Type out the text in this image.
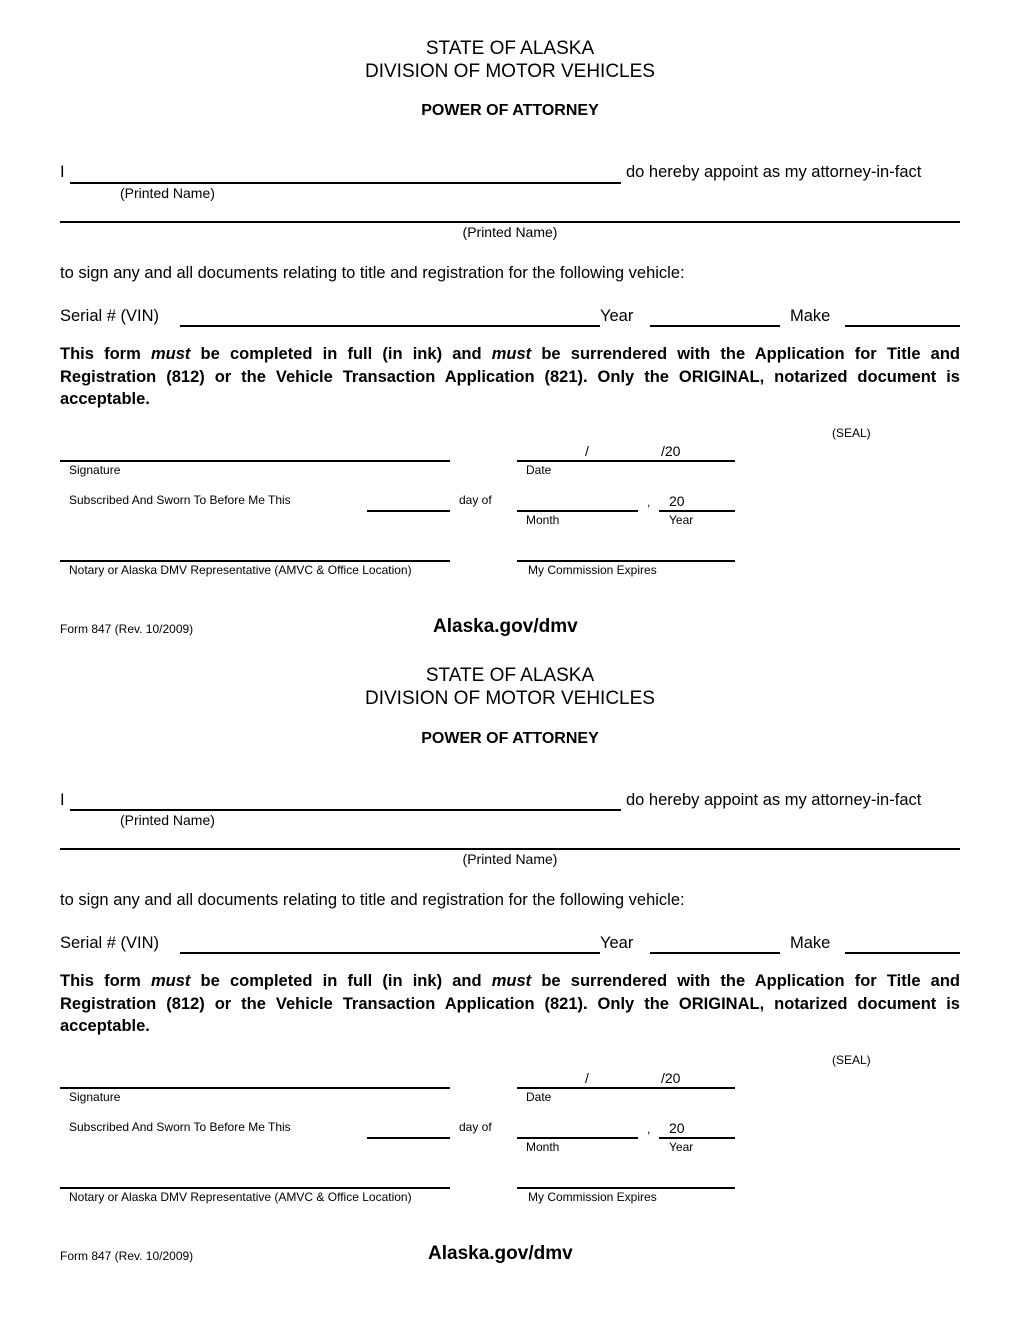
STATE OF ALASKA
DIVISION OF MOTOR VEHICLES
POWER OF ATTORNEY
I	do hereby appoint as my attorney-in-fact
(Printed Name)
(Printed Name)
to sign any and all documents relating to title and registration for the following vehicle:
Serial # (VIN)	Year	Make
This form must be completed in full (in ink) and must be surrendered with the Application for Title and Registration (812) or the Vehicle Transaction Application (821). Only the ORIGINAL, notarized document is acceptable.
(SEAL)
/	/20
Signature	Date
Subscribed And Sworn To Before Me This	day of	, 20
Month	Year
Notary or Alaska DMV Representative (AMVC & Office Location)	My Commission Expires
Form 847 (Rev. 10/2009)	Alaska.gov/dmv
STATE OF ALASKA
DIVISION OF MOTOR VEHICLES
POWER OF ATTORNEY
I	do hereby appoint as my attorney-in-fact
(Printed Name)
(Printed Name)
to sign any and all documents relating to title and registration for the following vehicle:
Serial # (VIN)	Year	Make
This form must be completed in full (in ink) and must be surrendered with the Application for Title and Registration (812) or the Vehicle Transaction Application (821). Only the ORIGINAL, notarized document is acceptable.
(SEAL)
/	/20
Signature	Date
Subscribed And Sworn To Before Me This	day of	, 20
Month	Year
Notary or Alaska DMV Representative (AMVC & Office Location)	My Commission Expires
Form 847 (Rev. 10/2009)	Alaska.gov/dmv
